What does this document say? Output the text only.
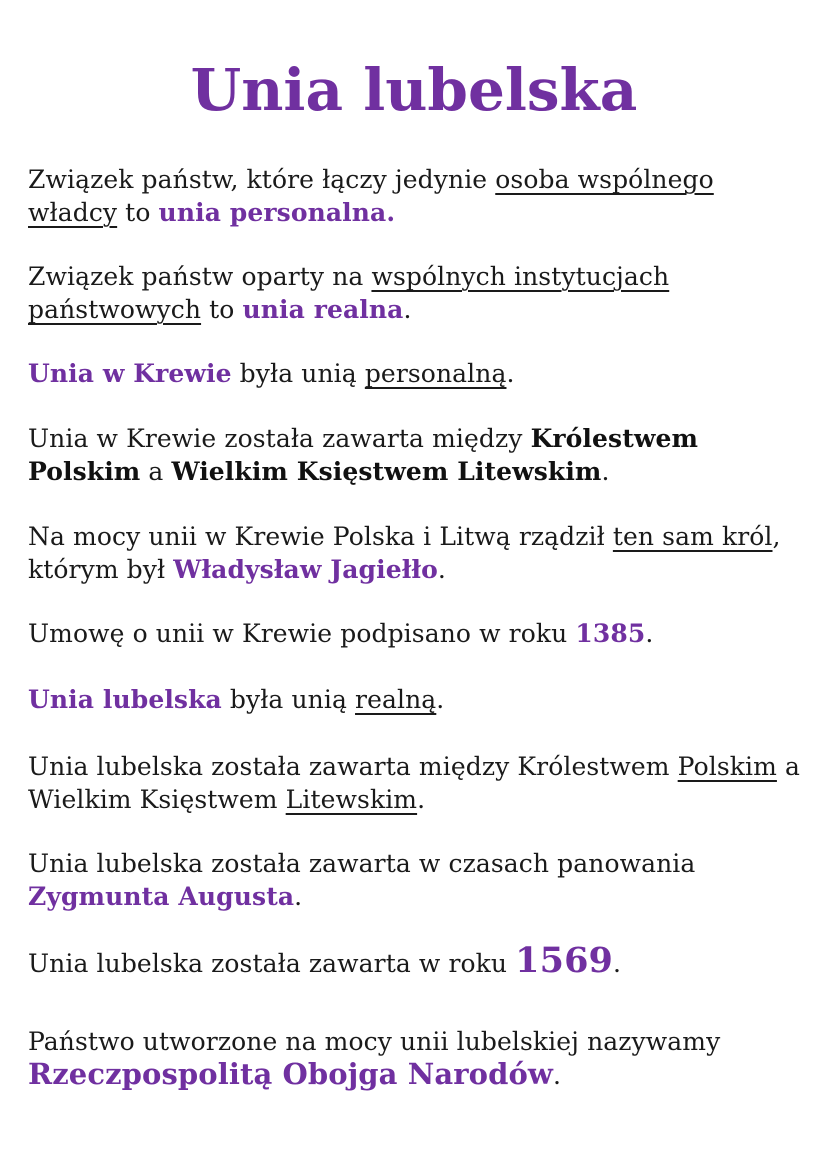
Unia lubelska

Związek państw, które łączy jedynie osoba wspólnego władcy to unia personalna.

Związek państw oparty na wspólnych instytucjach państwowych to unia realna.

Unia w Krewie była unią personalną.

Unia w Krewie została zawarta między Królestwem Polskim a Wielkim Księstwem Litewskim.

Na mocy unii w Krewie Polska i Litwą rządził ten sam król, którym był Władysław Jagiełło.

Umowę o unii w Krewie podpisano w roku 1385.

Unia lubelska była unią realną.

Unia lubelska została zawarta między Królestwem Polskim a Wielkim Księstwem Litewskim.

Unia lubelska została zawarta w czasach panowania Zygmunta Augusta.

Unia lubelska została zawarta w roku 1569.

Państwo utworzone na mocy unii lubelskiej nazywamy Rzeczpospolitą Obojga Narodów.
